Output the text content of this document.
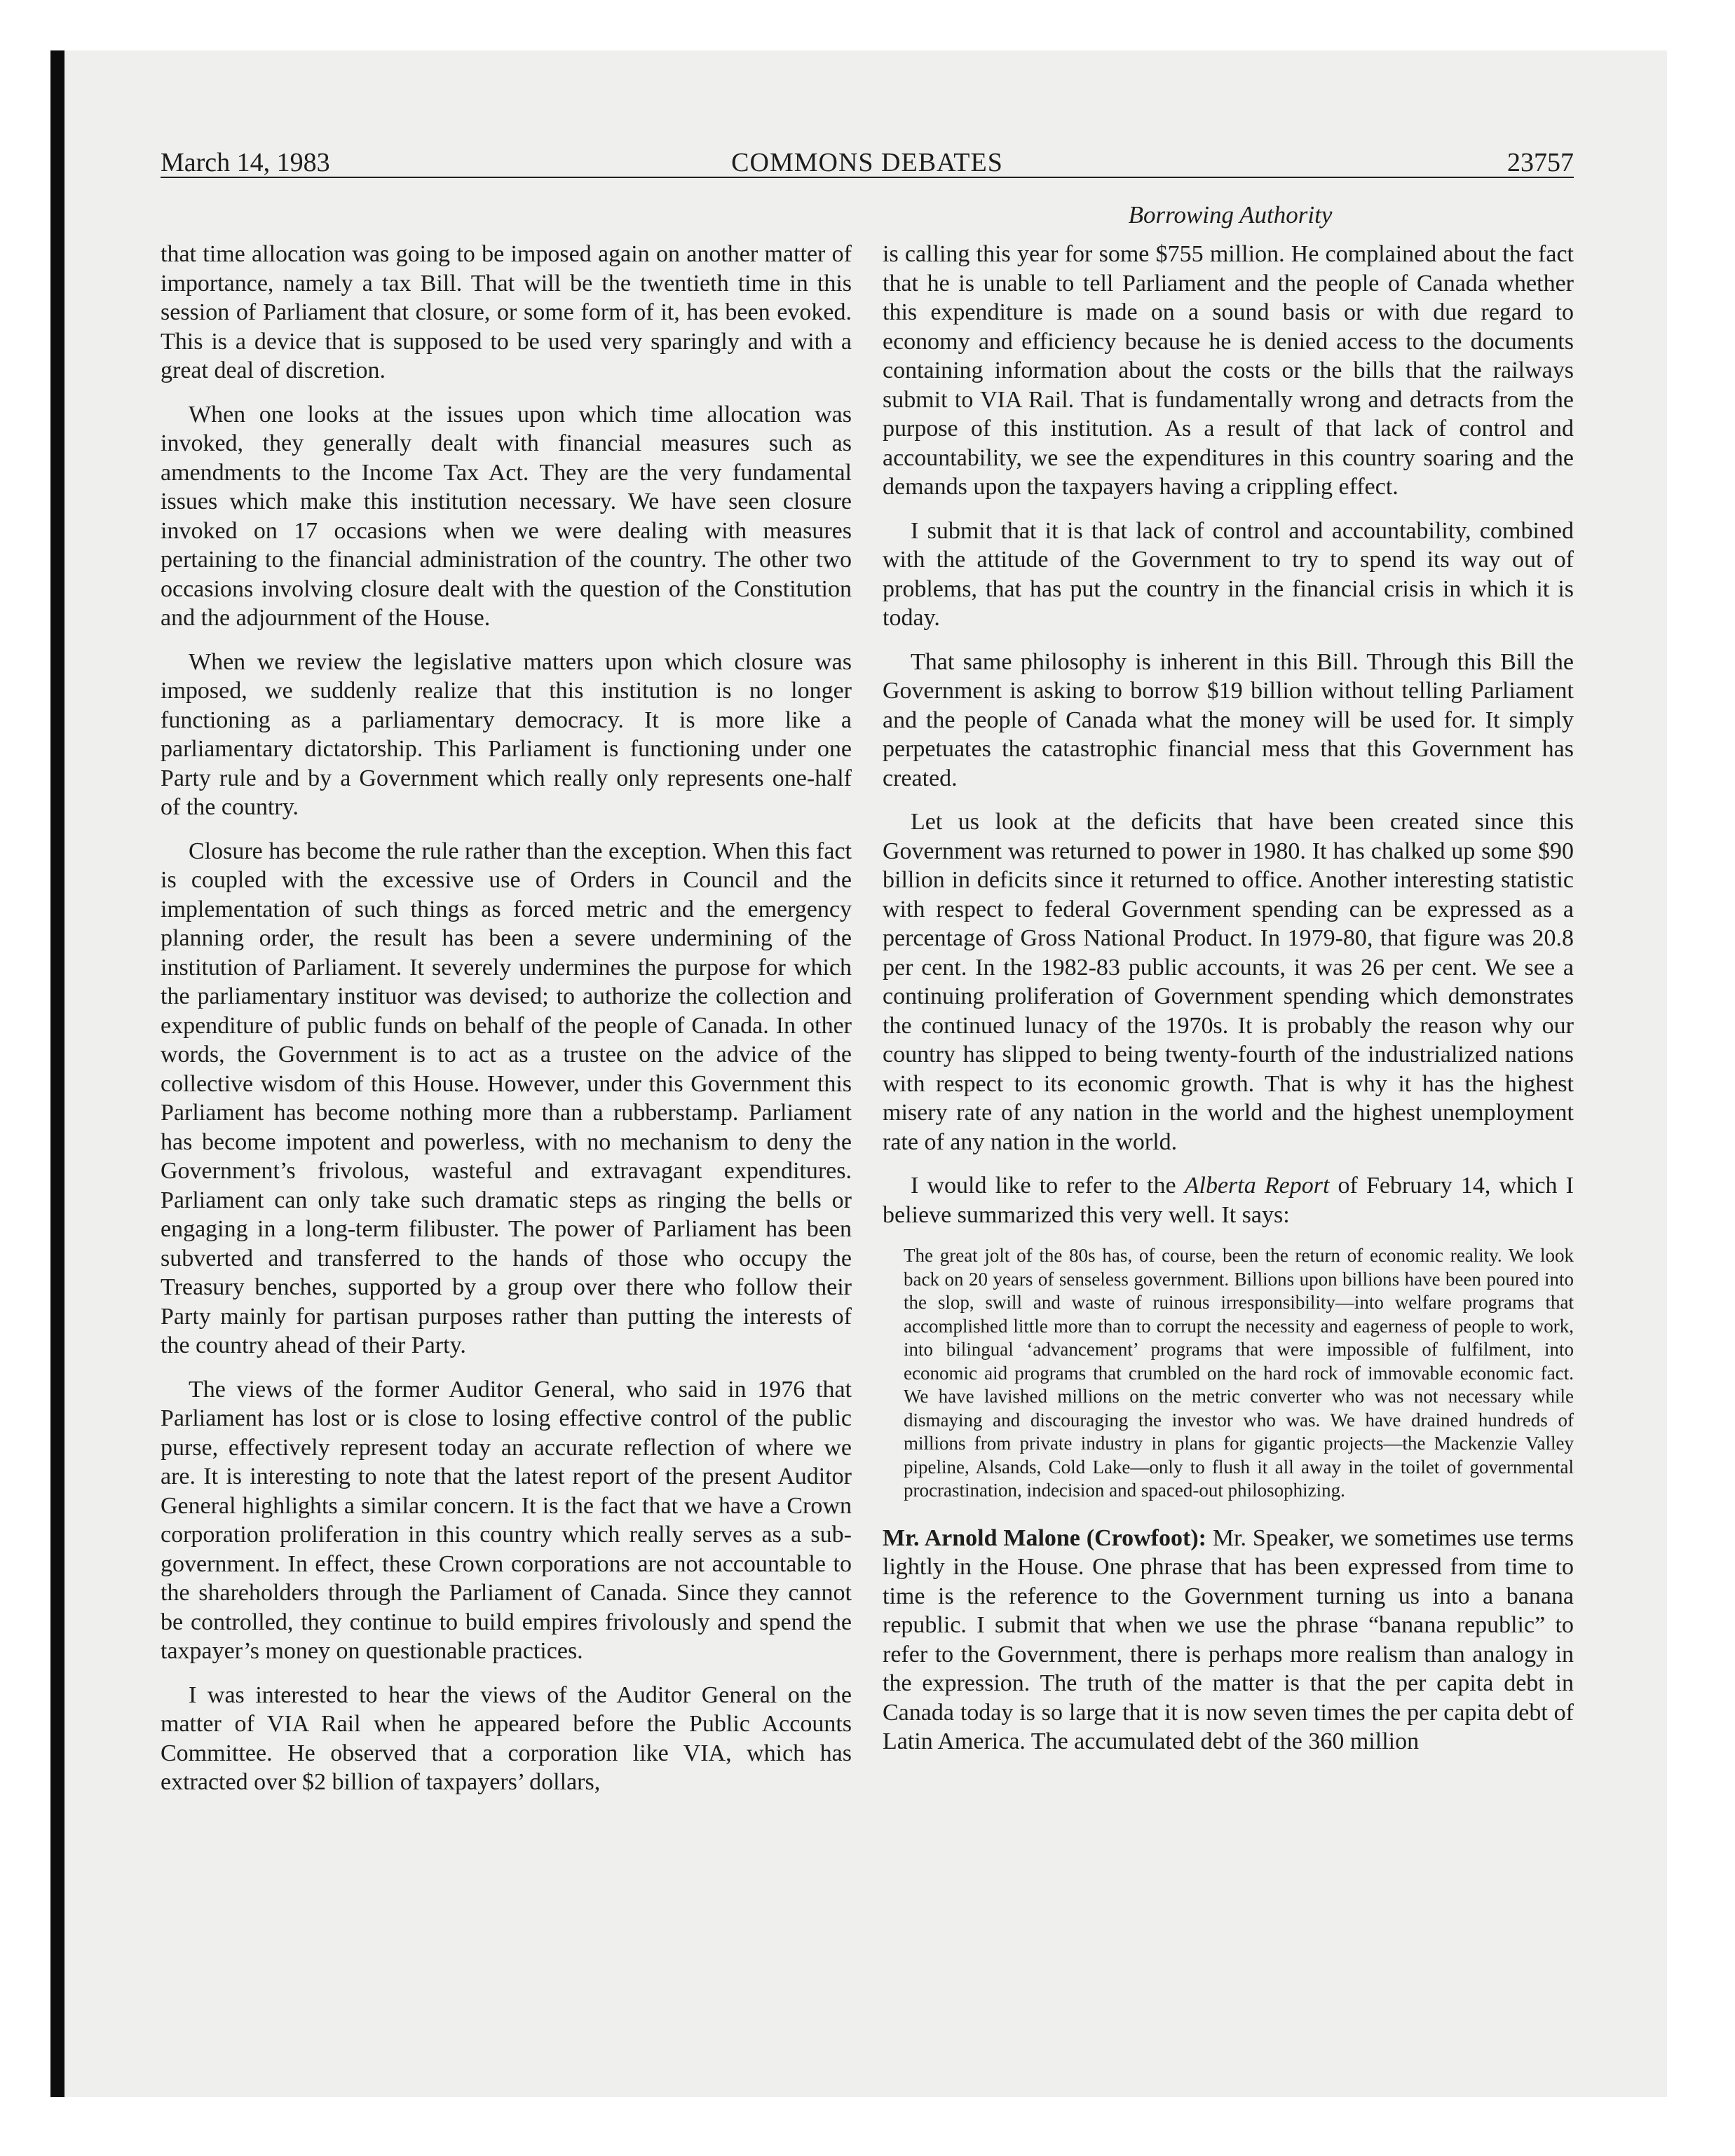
March 14, 1983	COMMONS DEBATES	23757
Borrowing Authority

that time allocation was going to be imposed again on another matter of importance, namely a tax Bill. That will be the twentieth time in this session of Parliament that closure, or some form of it, has been evoked. This is a device that is supposed to be used very sparingly and with a great deal of discretion.

When one looks at the issues upon which time allocation was invoked, they generally dealt with financial measures such as amendments to the Income Tax Act. They are the very fundamental issues which make this institution necessary. We have seen closure invoked on 17 occasions when we were dealing with measures pertaining to the financial administration of the country. The other two occasions involving closure dealt with the question of the Constitution and the adjournment of the House.

When we review the legislative matters upon which closure was imposed, we suddenly realize that this institution is no longer functioning as a parliamentary democracy. It is more like a parliamentary dictatorship. This Parliament is functioning under one Party rule and by a Government which really only represents one-half of the country.

Closure has become the rule rather than the exception. When this fact is coupled with the excessive use of Orders in Council and the implementation of such things as forced metric and the emergency planning order, the result has been a severe undermining of the institution of Parliament. It severely undermines the purpose for which the parliamentary instituor was devised; to authorize the collection and expenditure of public funds on behalf of the people of Canada. In other words, the Government is to act as a trustee on the advice of the collective wisdom of this House. However, under this Government this Parliament has become nothing more than a rubberstamp. Parliament has become impotent and powerless, with no mechanism to deny the Government’s frivolous, wasteful and extravagant expenditures. Parliament can only take such dramatic steps as ringing the bells or engaging in a long-term filibuster. The power of Parliament has been subverted and transferred to the hands of those who occupy the Treasury benches, supported by a group over there who follow their Party mainly for partisan purposes rather than putting the interests of the country ahead of their Party.

The views of the former Auditor General, who said in 1976 that Parliament has lost or is close to losing effective control of the public purse, effectively represent today an accurate reflection of where we are. It is interesting to note that the latest report of the present Auditor General highlights a similar concern. It is the fact that we have a Crown corporation proliferation in this country which really serves as a sub-government. In effect, these Crown corporations are not accountable to the shareholders through the Parliament of Canada. Since they cannot be controlled, they continue to build empires frivolously and spend the taxpayer’s money on questionable practices.

I was interested to hear the views of the Auditor General on the matter of VIA Rail when he appeared before the Public Accounts Committee. He observed that a corporation like VIA, which has extracted over $2 billion of taxpayers’ dollars,

is calling this year for some $755 million. He complained about the fact that he is unable to tell Parliament and the people of Canada whether this expenditure is made on a sound basis or with due regard to economy and efficiency because he is denied access to the documents containing information about the costs or the bills that the railways submit to VIA Rail. That is fundamentally wrong and detracts from the purpose of this institution. As a result of that lack of control and accountability, we see the expenditures in this country soaring and the demands upon the taxpayers having a crippling effect.

I submit that it is that lack of control and accountability, combined with the attitude of the Government to try to spend its way out of problems, that has put the country in the financial crisis in which it is today.

That same philosophy is inherent in this Bill. Through this Bill the Government is asking to borrow $19 billion without telling Parliament and the people of Canada what the money will be used for. It simply perpetuates the catastrophic financial mess that this Government has created.

Let us look at the deficits that have been created since this Government was returned to power in 1980. It has chalked up some $90 billion in deficits since it returned to office. Another interesting statistic with respect to federal Government spending can be expressed as a percentage of Gross National Product. In 1979-80, that figure was 20.8 per cent. In the 1982-83 public accounts, it was 26 per cent. We see a continuing proliferation of Government spending which demonstrates the continued lunacy of the 1970s. It is probably the reason why our country has slipped to being twenty-fourth of the industrialized nations with respect to its economic growth. That is why it has the highest misery rate of any nation in the world and the highest unemployment rate of any nation in the world.

I would like to refer to the Alberta Report of February 14, which I believe summarized this very well. It says:

The great jolt of the 80s has, of course, been the return of economic reality. We look back on 20 years of senseless government. Billions upon billions have been poured into the slop, swill and waste of ruinous irresponsibility—into welfare programs that accomplished little more than to corrupt the necessity and eagerness of people to work, into bilingual ‘advancement’ programs that were impossible of fulfilment, into economic aid programs that crumbled on the hard rock of immovable economic fact. We have lavished millions on the metric converter who was not necessary while dismaying and discouraging the investor who was. We have drained hundreds of millions from private industry in plans for gigantic projects—the Mackenzie Valley pipeline, Alsands, Cold Lake—only to flush it all away in the toilet of governmental procrastination, indecision and spaced-out philosophizing.

Mr. Arnold Malone (Crowfoot): Mr. Speaker, we sometimes use terms lightly in the House. One phrase that has been expressed from time to time is the reference to the Government turning us into a banana republic. I submit that when we use the phrase “banana republic” to refer to the Government, there is perhaps more realism than analogy in the expression. The truth of the matter is that the per capita debt in Canada today is so large that it is now seven times the per capita debt of Latin America. The accumulated debt of the 360 million
